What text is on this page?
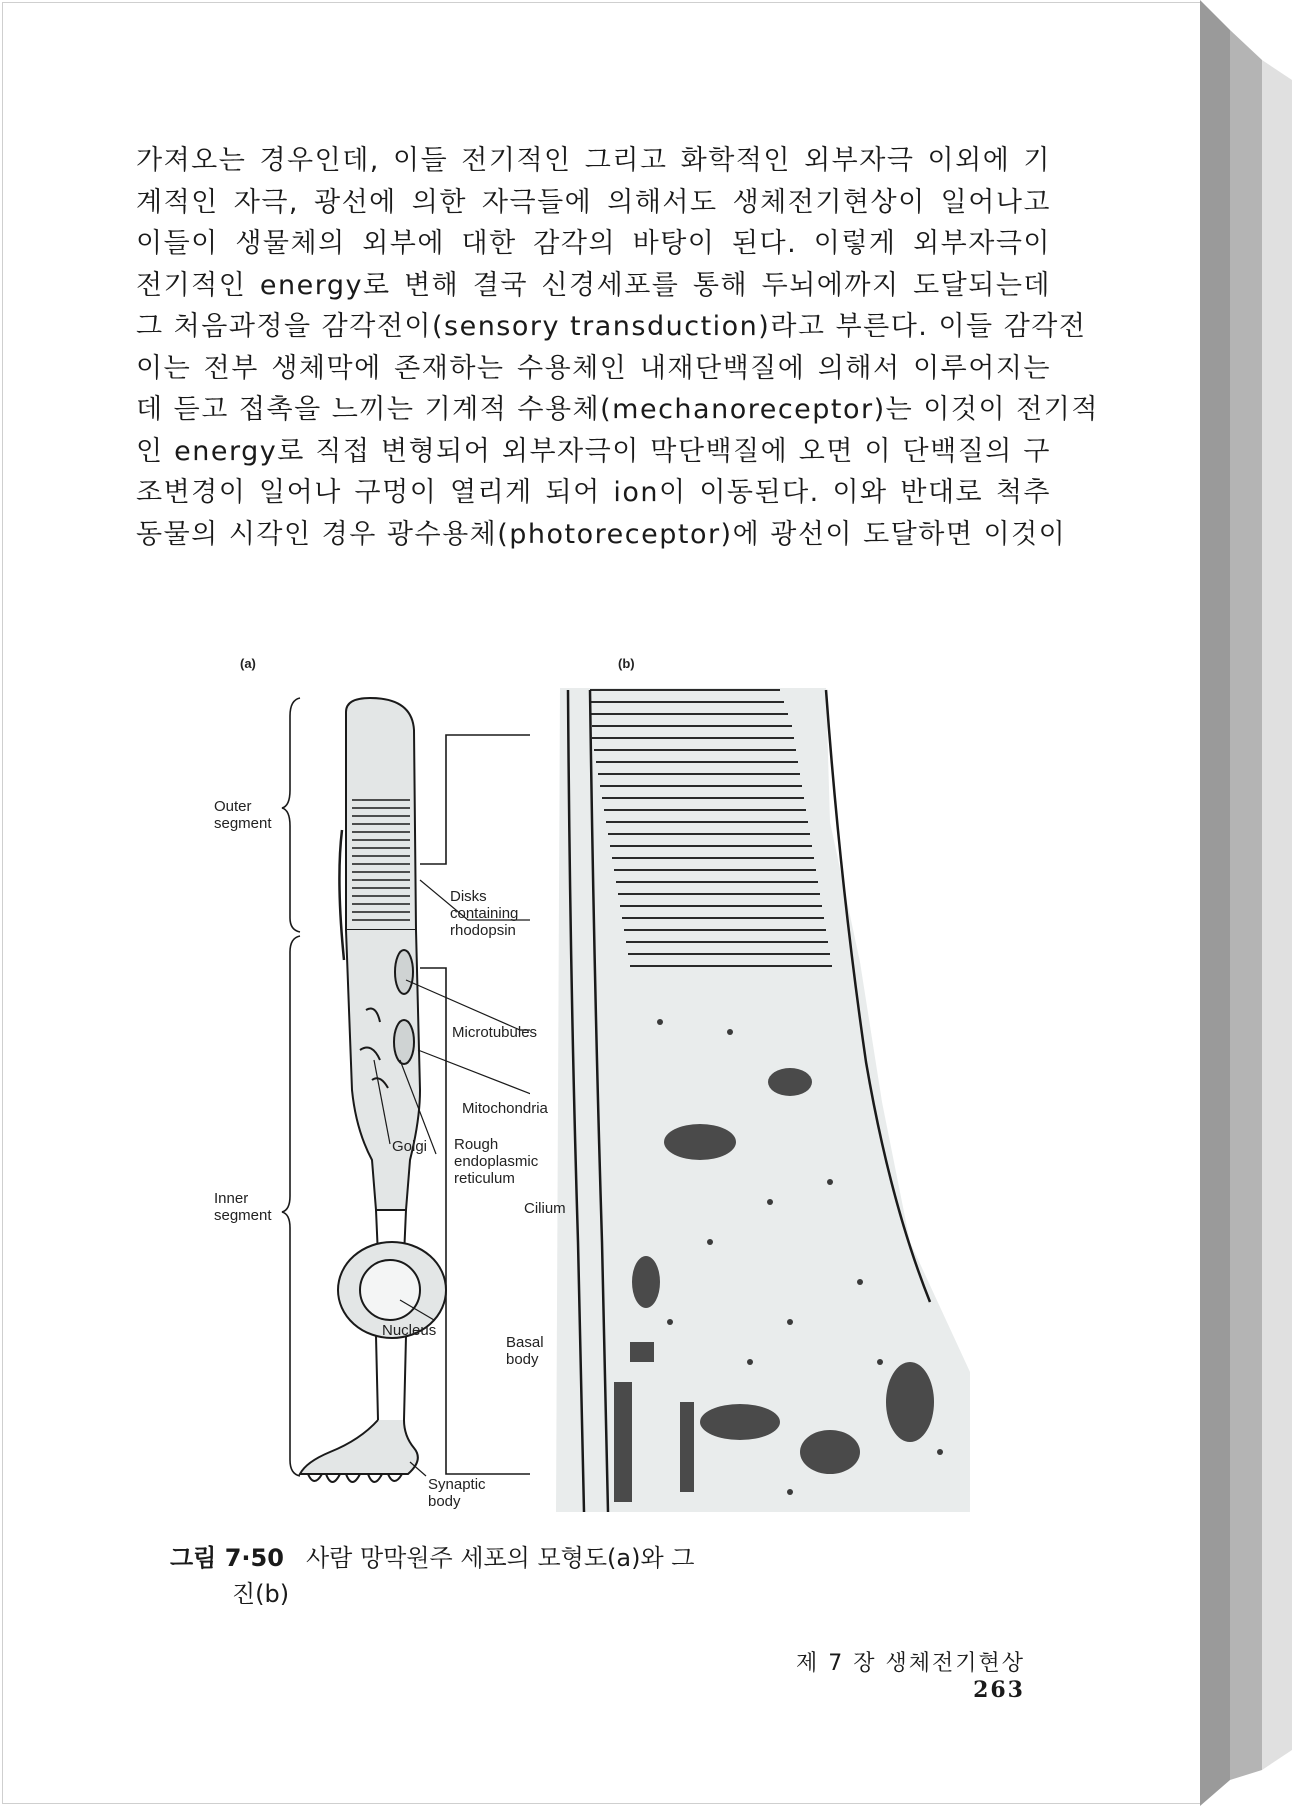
가져오는 경우인데, 이들 전기적인 그리고 화학적인 외부자극 이외에 기
계적인 자극, 광선에 의한 자극들에 의해서도 생체전기현상이 일어나고
이들이 생물체의 외부에 대한 감각의 바탕이 된다. 이렇게 외부자극이
전기적인 energy로 변해 결국 신경세포를 통해 두뇌에까지 도달되는데
그 처음과정을 감각전이(sensory transduction)라고 부른다. 이들 감각전
이는 전부 생체막에 존재하는 수용체인 내재단백질에 의해서 이루어지는
데 듣고 접촉을 느끼는 기계적 수용체(mechanoreceptor)는 이것이 전기적
인 energy로 직접 변형되어 외부자극이 막단백질에 오면 이 단백질의 구
조변경이 일어나 구멍이 열리게 되어 ion이 이동된다. 이와 반대로 척추
동물의 시각인 경우 광수용체(photoreceptor)에 광선이 도달하면 이것이
(a)	(b)
Outer
segment
Inner
segment
Disks
containing
rhodopsin
Microtubules
Mitochondria
Golgi Rough
endoplasmic
reticulum
Cilium
Nucleus
Basal
body
Synaptic
body
그림 7·50 사람 망막원주 세포의 모형도(a)와 그
진(b)
제 7 장 생체전기현상263
